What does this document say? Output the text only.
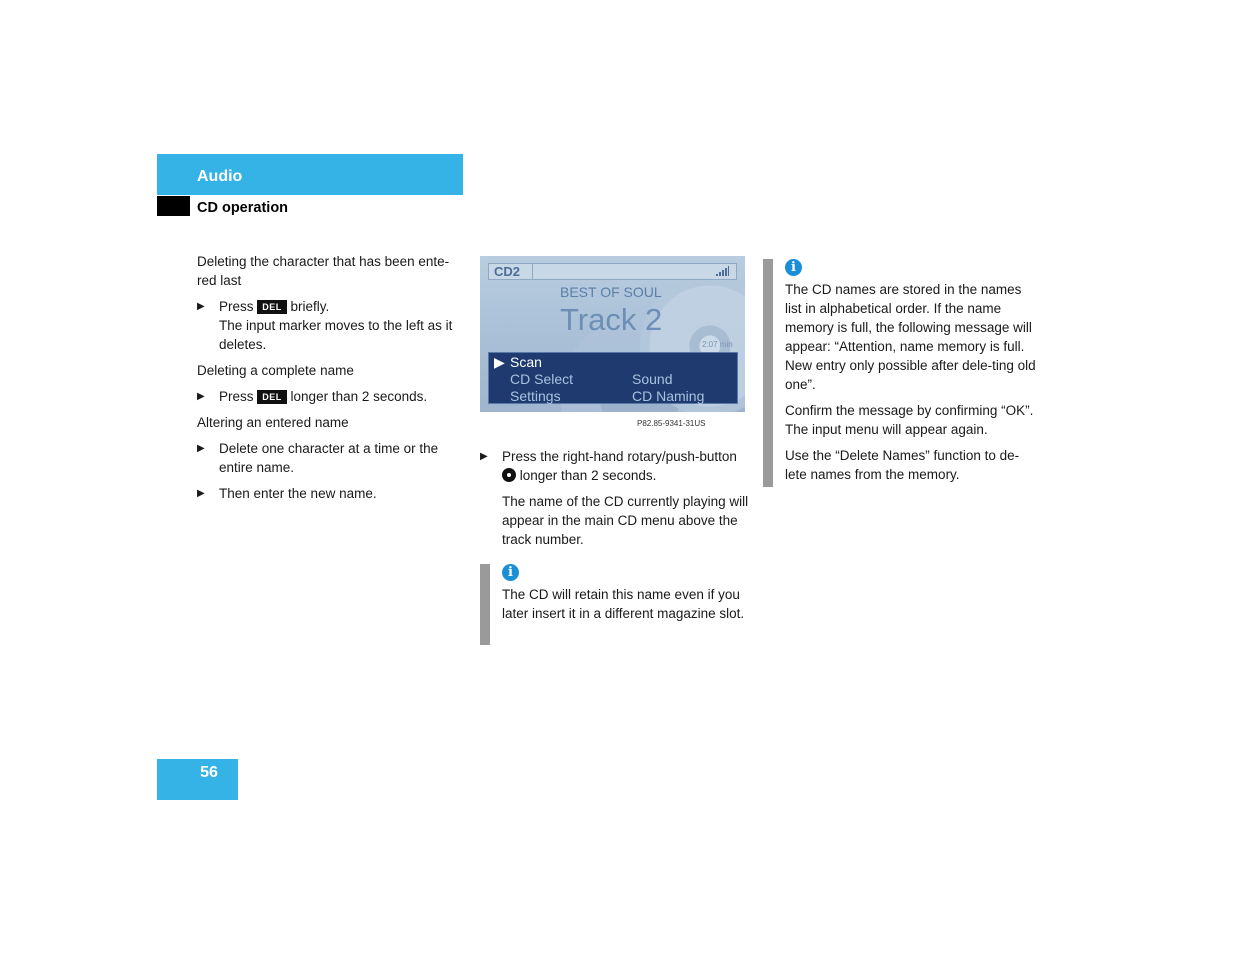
Audio
CD operation

Deleting the character that has been ente-red last

▶ Press DEL briefly.
The input marker moves to the left as it deletes.

Deleting a complete name

▶ Press DEL longer than 2 seconds.

Altering an entered name

▶ Delete one character at a time or the entire name.
▶ Then enter the new name.
CD2
BEST OF SOUL
Track 2
2:07 min
▶ Scan
CD Select	Sound
Settings	CD Naming
P82.85-9341-31US
▶ Press the right-hand rotary/push-button  longer than 2 seconds.

The name of the CD currently playing will appear in the main CD menu above the track number.

i

The CD will retain this name even if you later insert it in a different magazine slot.

i

The CD names are stored in the names list in alphabetical order. If the name memory is full, the following message will appear: “Attention, name memory is full. New entry only possible after dele-ting old one”.

Confirm the message by confirming “OK”. The input menu will appear again.

Use the “Delete Names” function to de-lete names from the memory.

56
